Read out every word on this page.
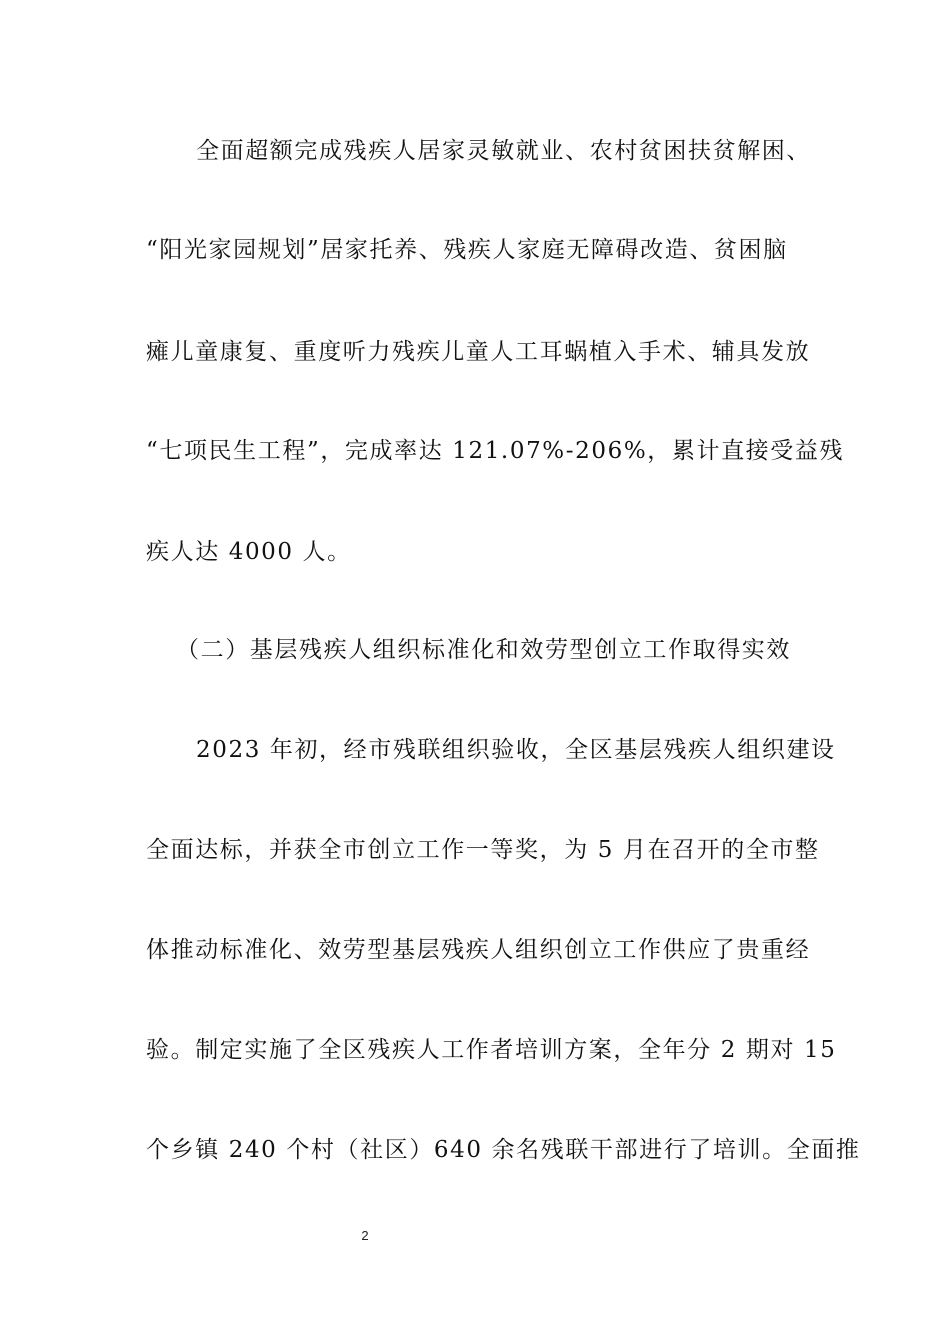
全面超额完成残疾人居家灵敏就业、农村贫困扶贫解困、
“阳光家园规划”居家托养、残疾人家庭无障碍改造、贫困脑
瘫儿童康复、重度听力残疾儿童人工耳蜗植入手术、辅具发放
“七项民生工程”，完成率达 121.07%-206%，累计直接受益残
疾人达 4000 人。
（二）基层残疾人组织标准化和效劳型创立工作取得实效
2023 年初，经市残联组织验收，全区基层残疾人组织建设
全面达标，并获全市创立工作一等奖，为 5 月在召开的全市整
体推动标准化、效劳型基层残疾人组织创立工作供应了贵重经
验。制定实施了全区残疾人工作者培训方案，全年分 2 期对 15
个乡镇 240 个村（社区）640 余名残联干部进行了培训。全面推
2
